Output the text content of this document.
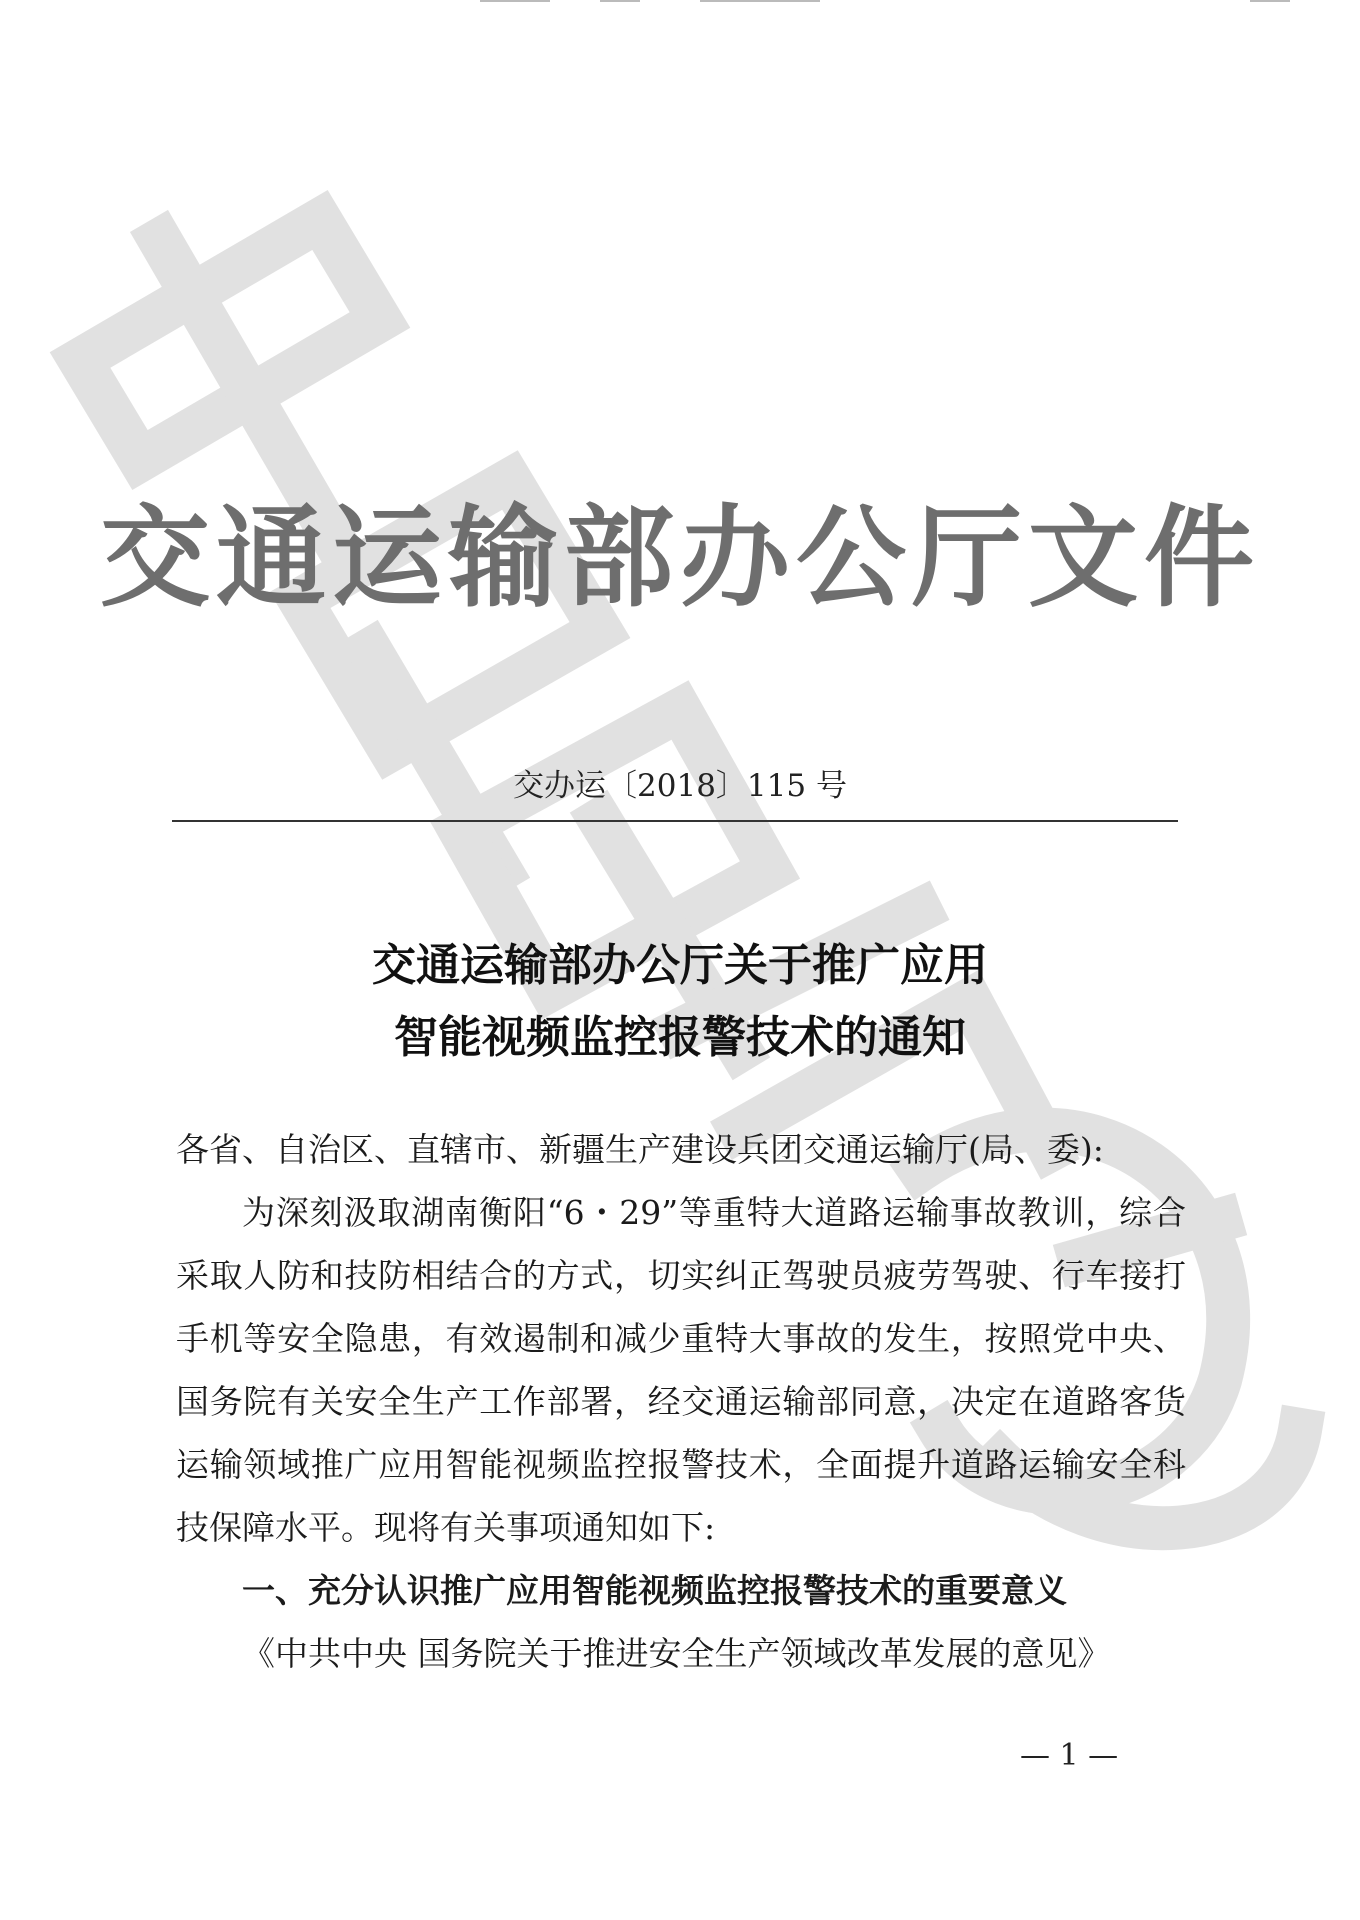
交通运输部办公厅文件
交办运〔2018〕115 号
交通运输部办公厅关于推广应用
智能视频监控报警技术的通知

各省、自治区、直辖市、新疆生产建设兵团交通运输厅(局、委):

为深刻汲取湖南衡阳“6・29”等重特大道路运输事故教训，综合采取人防和技防相结合的方式，切实纠正驾驶员疲劳驾驶、行车接打手机等安全隐患，有效遏制和减少重特大事故的发生，按照党中央、国务院有关安全生产工作部署，经交通运输部同意，决定在道路客货运输领域推广应用智能视频监控报警技术，全面提升道路运输安全科技保障水平。现将有关事项通知如下:

一、充分认识推广应用智能视频监控报警技术的重要意义

《中共中央 国务院关于推进安全生产领域改革发展的意见》

— 1 —
